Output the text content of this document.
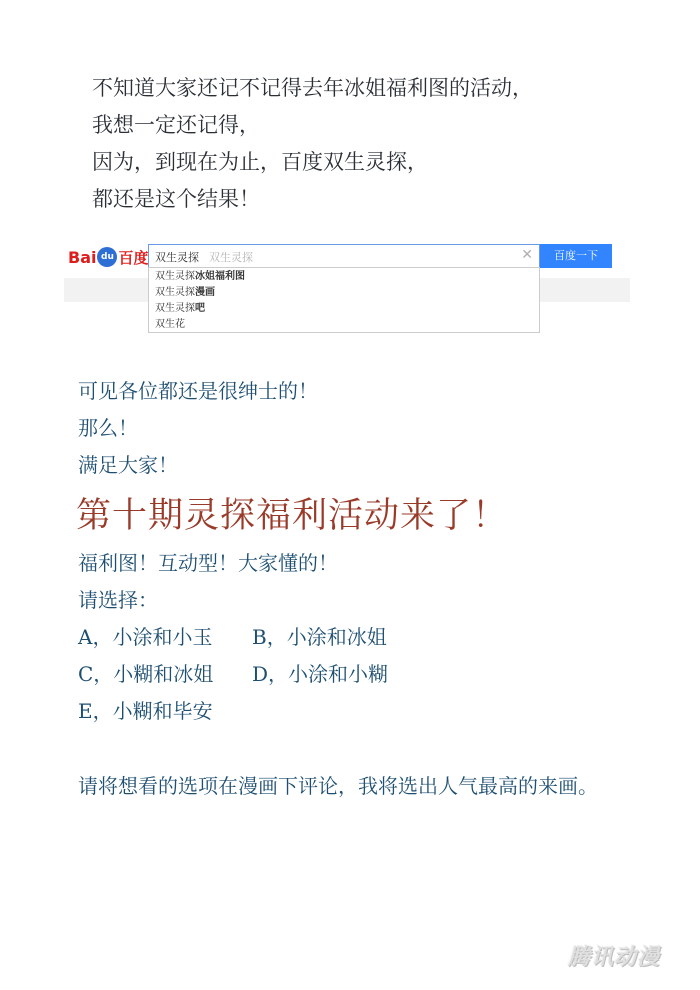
不知道大家还记不记得去年冰姐福利图的活动，
我想一定还记得，
因为，到现在为止，百度双生灵探，
都还是这个结果！
Bai du 百度 双生灵探 双生灵探	✕	百度一下
双生灵探冰姐福利图
双生灵探漫画
双生灵探吧
双生花
可见各位都还是很绅士的！
那么！
满足大家！
第十期灵探福利活动来了！
福利图！互动型！大家懂的！
请选择：
A，小涂和小玉	B，小涂和冰姐
C，小糊和冰姐	D，小涂和小糊
E，小糊和毕安
请将想看的选项在漫画下评论，我将选出人气最高的来画。
腾讯动漫
